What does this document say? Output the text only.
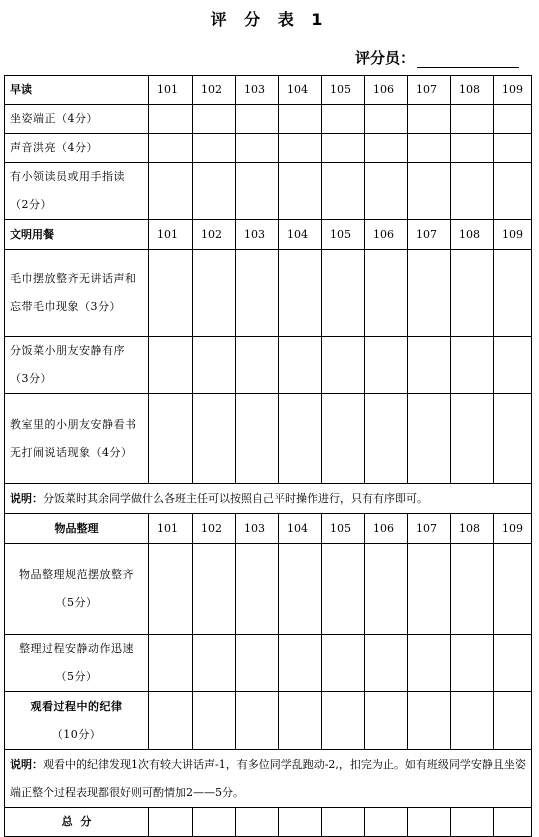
评 分 表 1
评分员：
早读	101	102	103	104	105	106	107	108	109
坐姿端正（4分）									
声音洪亮（4分）									
有小领读员或用手指读（2分）									
文明用餐	101	102	103	104	105	106	107	108	109
毛巾摆放整齐无讲话声和忘带毛巾现象（3分）									
分饭菜小朋友安静有序（3分）									
教室里的小朋友安静看书无打闹说话现象（4分）									
说明：分饭菜时其余同学做什么各班主任可以按照自己平时操作进行，只有有序即可。									
物品整理	101	102	103	104	105	106	107	108	109
物品整理规范摆放整齐（5分）									
整理过程安静动作迅速（5分）									

观看过程中的纪律
（10分）									

说明：观看中的纪律发现1次有较大讲话声-1，有多位同学乱跑动-2,，扣完为止。如有班级同学安静且坐姿端正整个过程表现都很好则可酌情加2——5分。									
总  分									
